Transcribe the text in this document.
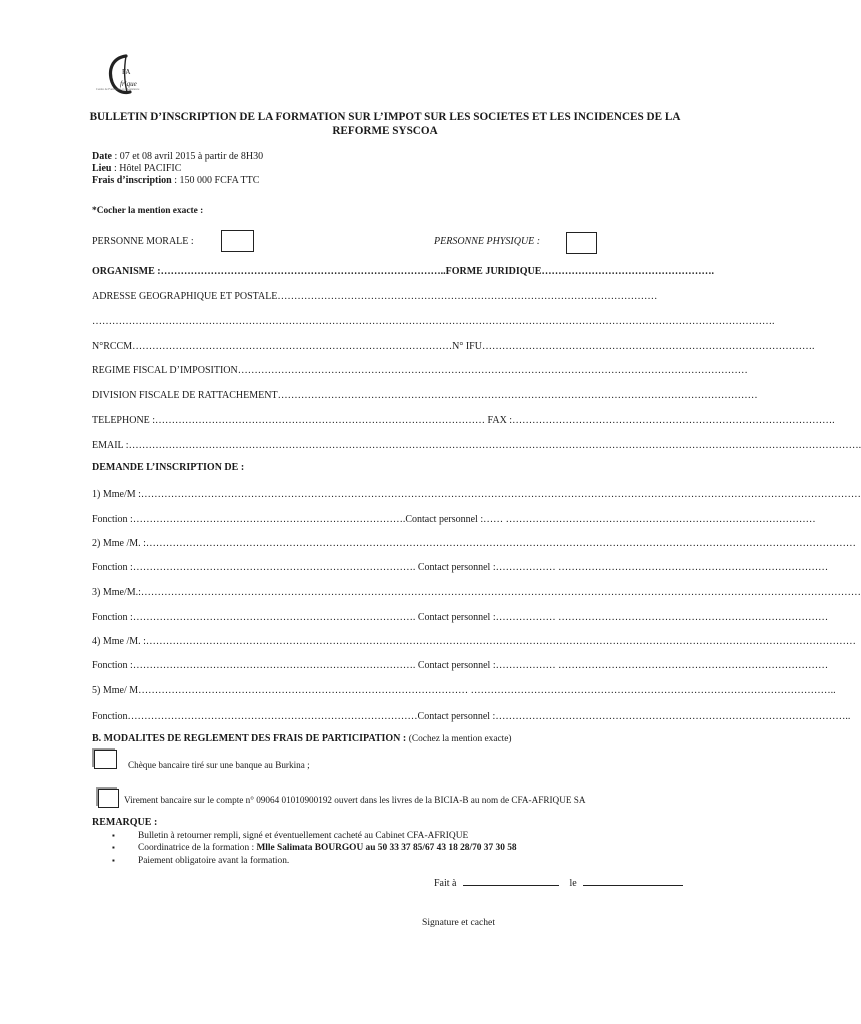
FA
frique
Centre de Formation et d'Assistance
BULLETIN D’INSCRIPTION DE LA FORMATION SUR L’IMPOT SUR LES SOCIETES ET LES INCIDENCES DE LA REFORME SYSCOA
Date : 07 et 08 avril 2015 à partir de 8H30
Lieu : Hôtel PACIFIC
Frais d’inscription : 150 000 FCFA TTC
*Cocher la mention exacte :
PERSONNE MORALE :	PERSONNE PHYSIQUE :
ORGANISME :…………………………………………………………………………..FORME JURIDIQUE…………………………………………….
ADRESSE GEOGRAPHIQUE ET POSTALE……………………………………………………………………………………………………
…………………………………………………………………………………………………………………………………………………………………………………….
N°RCCM……………………………………………………………………………………N° IFU……………………………………………………………………………………….
REGIME FISCAL D’IMPOSITION………………………………………………………………………………………………………………………………………
DIVISION FISCALE DE RATTACHEMENT………………………………………………………………………………………………………………………………
TELEPHONE :……………………………………………………………………………………… FAX :…………………………………………………………………………………….
EMAIL :………………………………………………………………………………………………………………………………………………………………………………………………….
DEMANDE L’INSCRIPTION DE :
1) Mme/M :………………………………………………………………………………………………………………………………………………………………………………………………
Fonction :……………………………………………………………………….Contact personnel :…… …………………………………………………………………………………
2) Mme /M. :……………………………………………………………………………………………………………………………………………………………………………………………
Fonction :…………………………………………………………………………. Contact personnel :……………… ………………………………………………………………………
3) Mme/M.:………………………………………………………………………………………………………………………………………………………………………………………………
Fonction :…………………………………………………………………………. Contact personnel :……………… ………………………………………………………………………
4) Mme /M. :……………………………………………………………………………………………………………………………………………………………………………………………
Fonction :…………………………………………………………………………. Contact personnel :……………… ………………………………………………………………………
5) Mme/ M……………………………………………………………………………………… ………………………………………………………………………………………………..
Fonction……………………………………………………………………………Contact personnel :……………………………………………………………………………………………..
B. MODALITES DE REGLEMENT DES FRAIS DE PARTICIPATION : (Cochez la mention exacte)
Chèque bancaire tiré sur une banque au Burkina ;
Virement bancaire sur le compte n° 09064 01010900192 ouvert dans les livres de la BICIA-B au nom de CFA-AFRIQUE SA
REMARQUE :
▪ Bulletin à retourner rempli, signé et éventuellement cacheté au Cabinet CFA-AFRIQUE
▪ Coordinatrice de la formation : Mlle Salimata BOURGOU au 50 33 37 85/67 43 18 28/70 37 30 58
▪ Paiement obligatoire avant la formation.
Fait à	le
Signature et cachet
